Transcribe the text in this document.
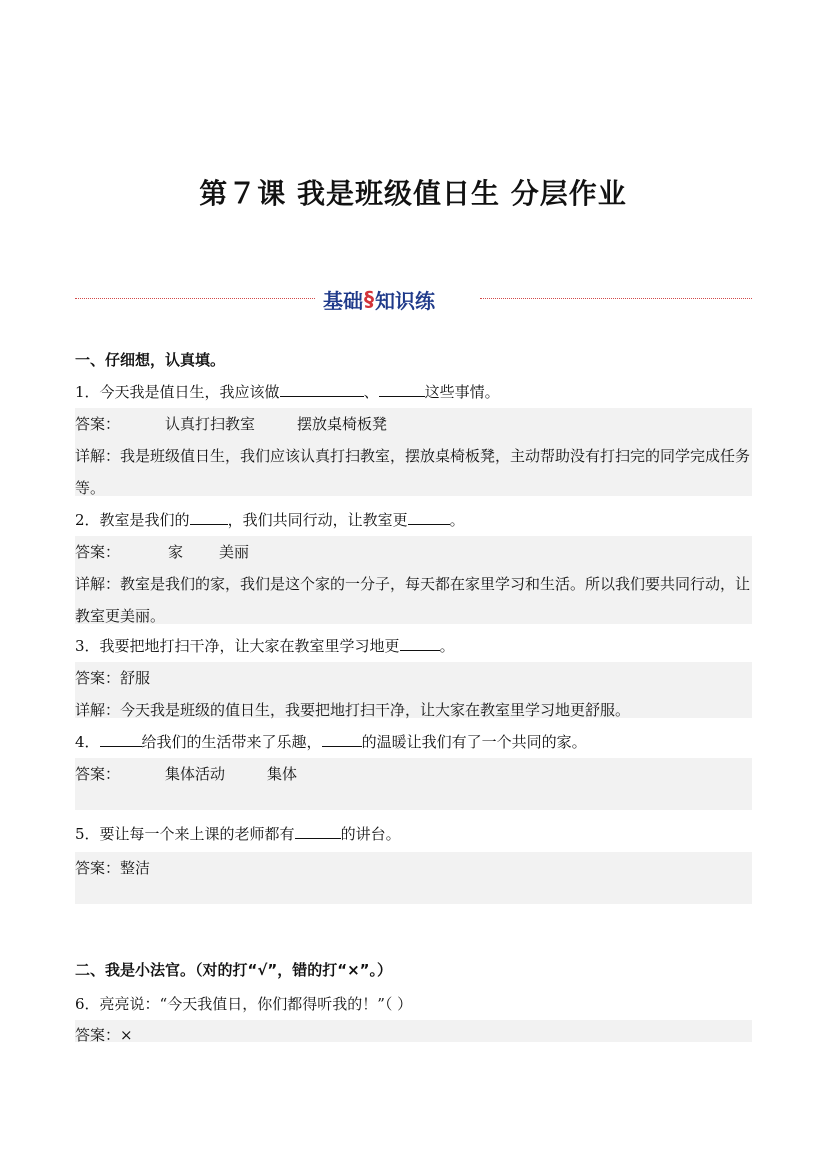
第７课 我是班级值日生 分层作业
基础 § 知识练
一、仔细想，认真填。
1．今天我是值日生，我应该做	、	这些事情。
答案：	认真打扫教室	摆放桌椅板凳
详解：我是班级值日生，我们应该认真打扫教室，摆放桌椅板凳，主动帮助没有打扫完的同学完成任务等。
2．教室是我们的	，我们共同行动，让教室更	。
答案：	家 美丽
详解：教室是我们的家，我们是这个家的一分子，每天都在家里学习和生活。所以我们要共同行动，让教室更美丽。
3．我要把地打扫干净，让大家在教室里学习地更	。
答案：舒服
详解：今天我是班级的值日生，我要把地打扫干净，让大家在教室里学习地更舒服。
4．	给我们的生活带来了乐趣，	的温暖让我们有了一个共同的家。
答案：	集体活动	集体
5．要让每一个来上课的老师都有	的讲台。
答案：整洁
二、我是小法官。（对的打“√”，错的打“×”。）
6．亮亮说：“今天我值日，你们都得听我的！”（ ）
答案：×
